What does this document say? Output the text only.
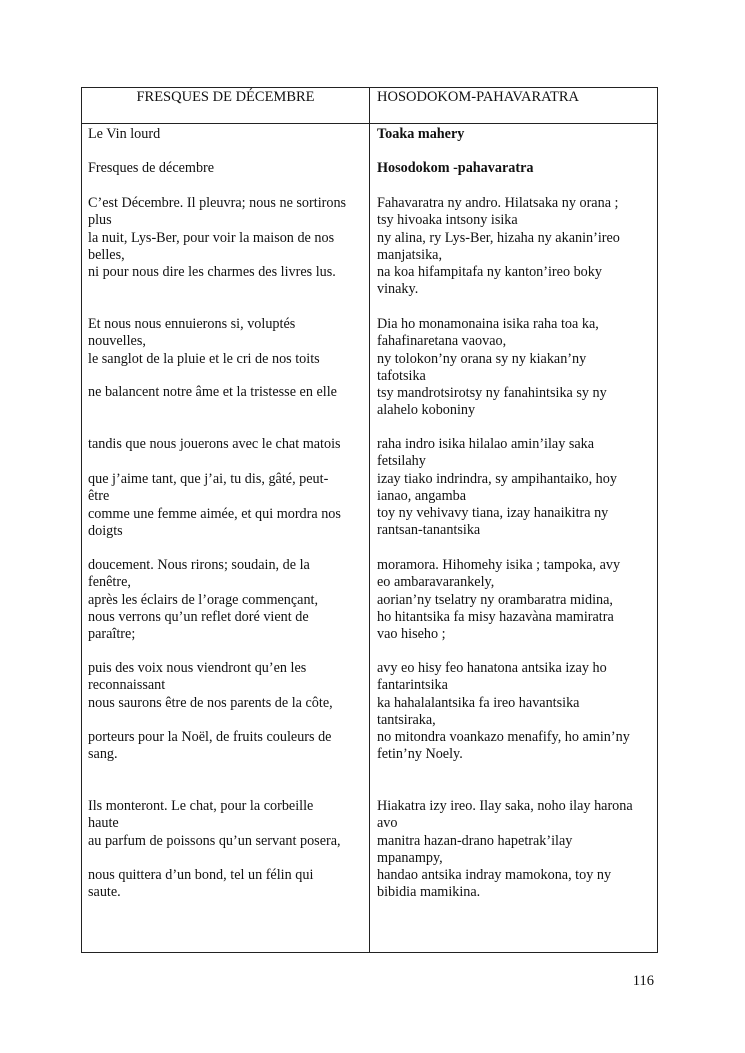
FRESQUES DE DÉCEMBRE	HOSODOKOM-PAHAVARATRA
Le Vin lourd
Fresques de décembre
C’est Décembre. Il pleuvra; nous ne sortirons
plus
la nuit, Lys-Ber, pour voir la maison de nos
belles,
ni pour nous dire les charmes des livres lus.
Et nous nous ennuierons si, voluptés
nouvelles,
le sanglot de la pluie et le cri de nos toits
ne balancent notre âme et la tristesse en elle
tandis que nous jouerons avec le chat matois
que j’aime tant, que j’ai, tu dis, gâté, peut-
être
comme une femme aimée, et qui mordra nos
doigts
doucement. Nous rirons; soudain, de la
fenêtre,
après les éclairs de l’orage commençant,
nous verrons qu’un reflet doré vient de
paraître;
puis des voix nous viendront qu’en les
reconnaissant
nous saurons être de nos parents de la côte,
porteurs pour la Noël, de fruits couleurs de
sang.
Ils monteront. Le chat, pour la corbeille
haute
au parfum de poissons qu’un servant posera,
nous quittera d’un bond, tel un félin qui
saute.
Toaka mahery
Hosodokom -pahavaratra
Fahavaratra ny andro. Hilatsaka ny orana ;
tsy hivoaka intsony isika
ny alina, ry Lys-Ber, hizaha ny akanin’ireo
manjatsika,
na koa hifampitafa ny kanton’ireo boky
vinaky.
Dia ho monamonaina isika raha toa ka,
fahafinaretana vaovao,
ny tolokon’ny orana sy ny kiakan’ny
tafotsika
tsy mandrotsirotsy ny fanahintsika sy ny
alahelo koboniny
raha indro isika hilalao amin’ilay saka
fetsilahy
izay tiako indrindra, sy ampihantaiko, hoy
ianao, angamba
toy ny vehivavy tiana, izay hanaikitra ny
rantsan-tanantsika
moramora. Hihomehy isika ; tampoka, avy
eo ambaravarankely,
aorian’ny tselatry ny orambaratra midina,
ho hitantsika fa misy hazavàna mamiratra
vao hiseho ;
avy eo hisy feo hanatona antsika izay ho
fantarintsika
ka hahalalantsika fa ireo havantsika
tantsiraka,
no mitondra voankazo menafify, ho amin’ny
fetin’ny Noely.
Hiakatra izy ireo. Ilay saka, noho ilay harona
avo
manitra hazan-drano hapetrak’ilay
mpanampy,
handao antsika indray mamokona, toy ny
bibidia mamikina.
116
